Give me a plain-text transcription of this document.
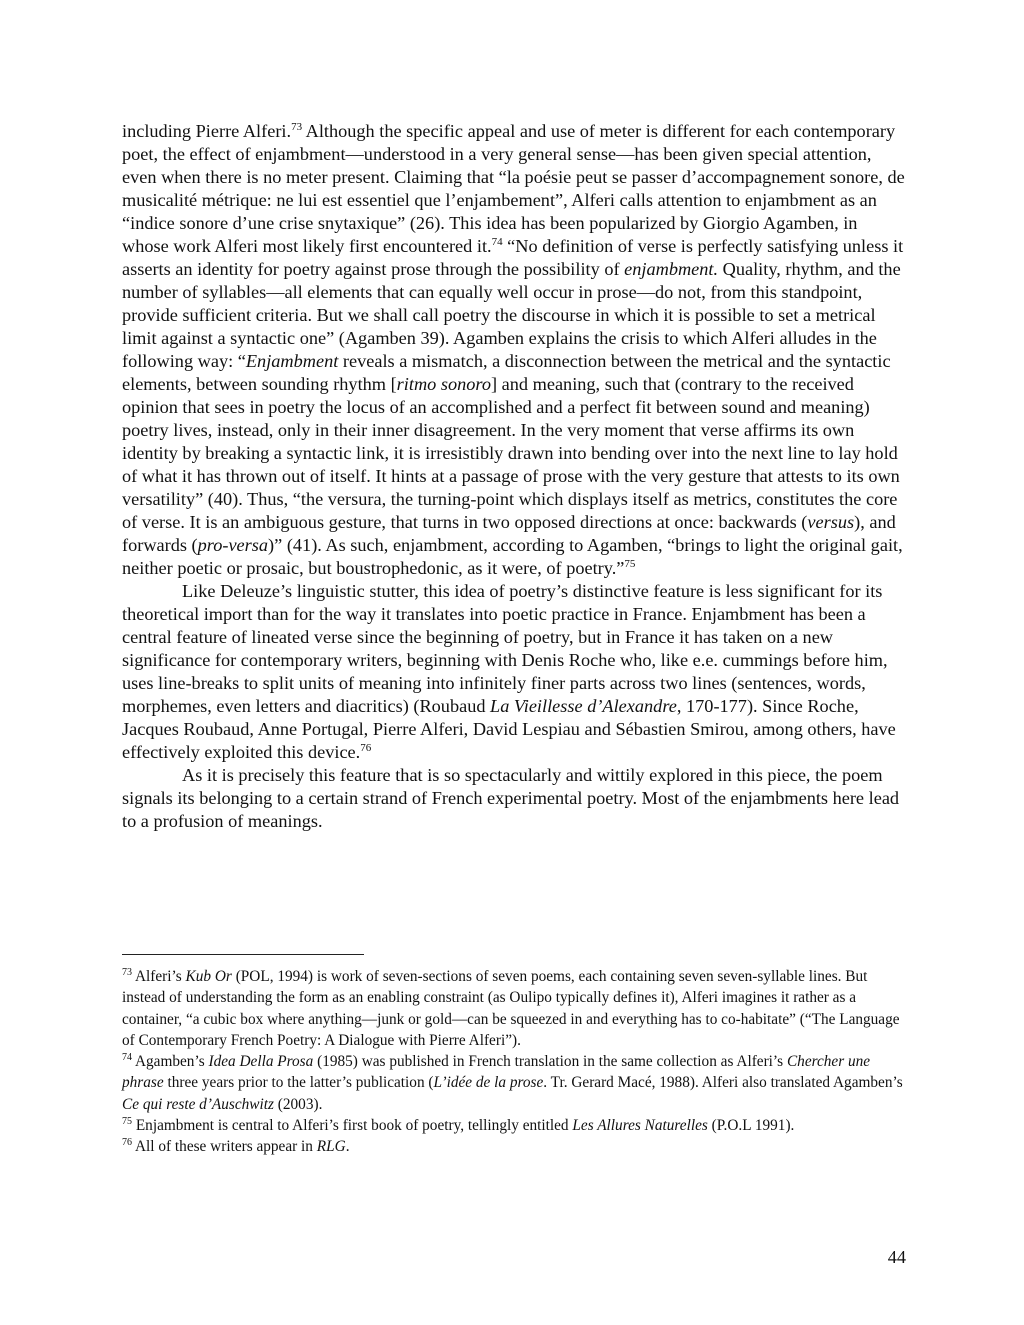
including Pierre Alferi.$^{73}$ Although the specific appeal and use of meter is different for each contemporary poet, the effect of enjambment—understood in a very general sense—has been given special attention, even when there is no meter present. Claiming that “la poésie peut se passer d’accompagnement sonore, de musicalité métrique: ne lui est essentiel que l’enjambement”, Alferi calls attention to enjambment as an “indice sonore d’une crise snytaxique” (26). This idea has been popularized by Giorgio Agamben, in whose work Alferi most likely first encountered it.$^{74}$ “No definition of verse is perfectly satisfying unless it asserts an identity for poetry against prose through the possibility of enjambment. Quality, rhythm, and the number of syllables—all elements that can equally well occur in prose—do not, from this standpoint, provide sufficient criteria. But we shall call poetry the discourse in which it is possible to set a metrical limit against a syntactic one” (Agamben 39). Agamben explains the crisis to which Alferi alludes in the following way: “Enjambment reveals a mismatch, a disconnection between the metrical and the syntactic elements, between sounding rhythm [ritmo sonoro] and meaning, such that (contrary to the received opinion that sees in poetry the locus of an accomplished and a perfect fit between sound and meaning) poetry lives, instead, only in their inner disagreement. In the very moment that verse affirms its own identity by breaking a syntactic link, it is irresistibly drawn into bending over into the next line to lay hold of what it has thrown out of itself. It hints at a passage of prose with the very gesture that attests to its own versatility” (40). Thus, “the versura, the turning-point which displays itself as metrics, constitutes the core of verse. It is an ambiguous gesture, that turns in two opposed directions at once: backwards (versus), and forwards (pro-versa)” (41). As such, enjambment, according to Agamben, “brings to light the original gait, neither poetic or prosaic, but boustrophedonic, as it were, of poetry.”$^{75}$

Like Deleuze’s linguistic stutter, this idea of poetry’s distinctive feature is less significant for its theoretical import than for the way it translates into poetic practice in France. Enjambment has been a central feature of lineated verse since the beginning of poetry, but in France it has taken on a new significance for contemporary writers, beginning with Denis Roche who, like e.e. cummings before him, uses line-breaks to split units of meaning into infinitely finer parts across two lines (sentences, words, morphemes, even letters and diacritics) (Roubaud La Vieillesse d’Alexandre, 170-177). Since Roche, Jacques Roubaud, Anne Portugal, Pierre Alferi, David Lespiau and Sébastien Smirou, among others, have effectively exploited this device.$^{76}$

As it is precisely this feature that is so spectacularly and wittily explored in this piece, the poem signals its belonging to a certain strand of French experimental poetry. Most of the enjambments here lead to a profusion of meanings.

$^{73}$ Alferi’s Kub Or (POL, 1994) is work of seven-sections of seven poems, each containing seven seven-syllable lines. But instead of understanding the form as an enabling constraint (as Oulipo typically defines it), Alferi imagines it rather as a container, “a cubic box where anything—junk or gold—can be squeezed in and everything has to co-habitate” (“The Language of Contemporary French Poetry: A Dialogue with Pierre Alferi”).

$^{74}$ Agamben’s Idea Della Prosa (1985) was published in French translation in the same collection as Alferi’s Chercher une phrase three years prior to the latter’s publication (L’idée de la prose. Tr. Gerard Macé, 1988). Alferi also translated Agamben’s Ce qui reste d’Auschwitz (2003).

$^{75}$ Enjambment is central to Alferi’s first book of poetry, tellingly entitled Les Allures Naturelles (P.O.L 1991).

$^{76}$ All of these writers appear in RLG.

44
